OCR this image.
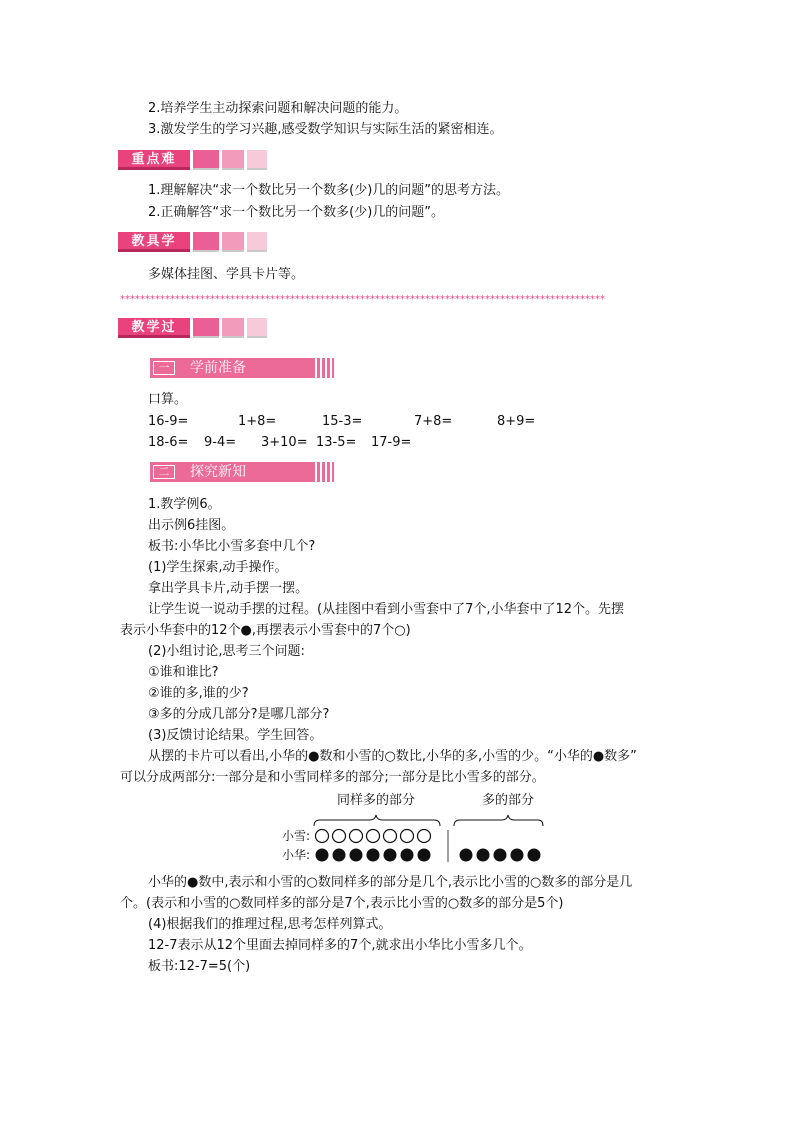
2.培养学生主动探索问题和解决问题的能力。
3.激发学生的学习兴趣,感受数学知识与实际生活的紧密相连。
重点难点
1.理解解决“求一个数比另一个数多(少)几的问题”的思考方法。
2.正确解答“求一个数比另一个数多(少)几的问题”。
教具学具
多媒体挂图、学具卡片等。
*************************************************************************************************
教学过程
一	学前准备
口算。
16-9=	1+8=	15-3=	7+8=	8+9=
18-6= 9-4= 3+10= 13-5= 17-9=
二	探究新知
1.教学例6。
出示例6挂图。
板书:小华比小雪多套中几个?
(1)学生探索,动手操作。
拿出学具卡片,动手摆一摆。
让学生说一说动手摆的过程。(从挂图中看到小雪套中了7个,小华套中了12个。先摆
表示小华套中的12个●,再摆表示小雪套中的7个○)
(2)小组讨论,思考三个问题:
①谁和谁比?
②谁的多,谁的少?
③多的分成几部分?是哪几部分?
(3)反馈讨论结果。学生回答。
从摆的卡片可以看出,小华的●数和小雪的○数比,小华的多,小雪的少。“小华的●数多”
可以分成两部分:一部分是和小雪同样多的部分;一部分是比小雪多的部分。
同样多的部分	多的部分
小雪:
小华:
小华的●数中,表示和小雪的○数同样多的部分是几个,表示比小雪的○数多的部分是几
个。(表示和小雪的○数同样多的部分是7个,表示比小雪的○数多的部分是5个)
(4)根据我们的推理过程,思考怎样列算式。
12-7表示从12个里面去掉同样多的7个,就求出小华比小雪多几个。
板书:12-7=5(个)
